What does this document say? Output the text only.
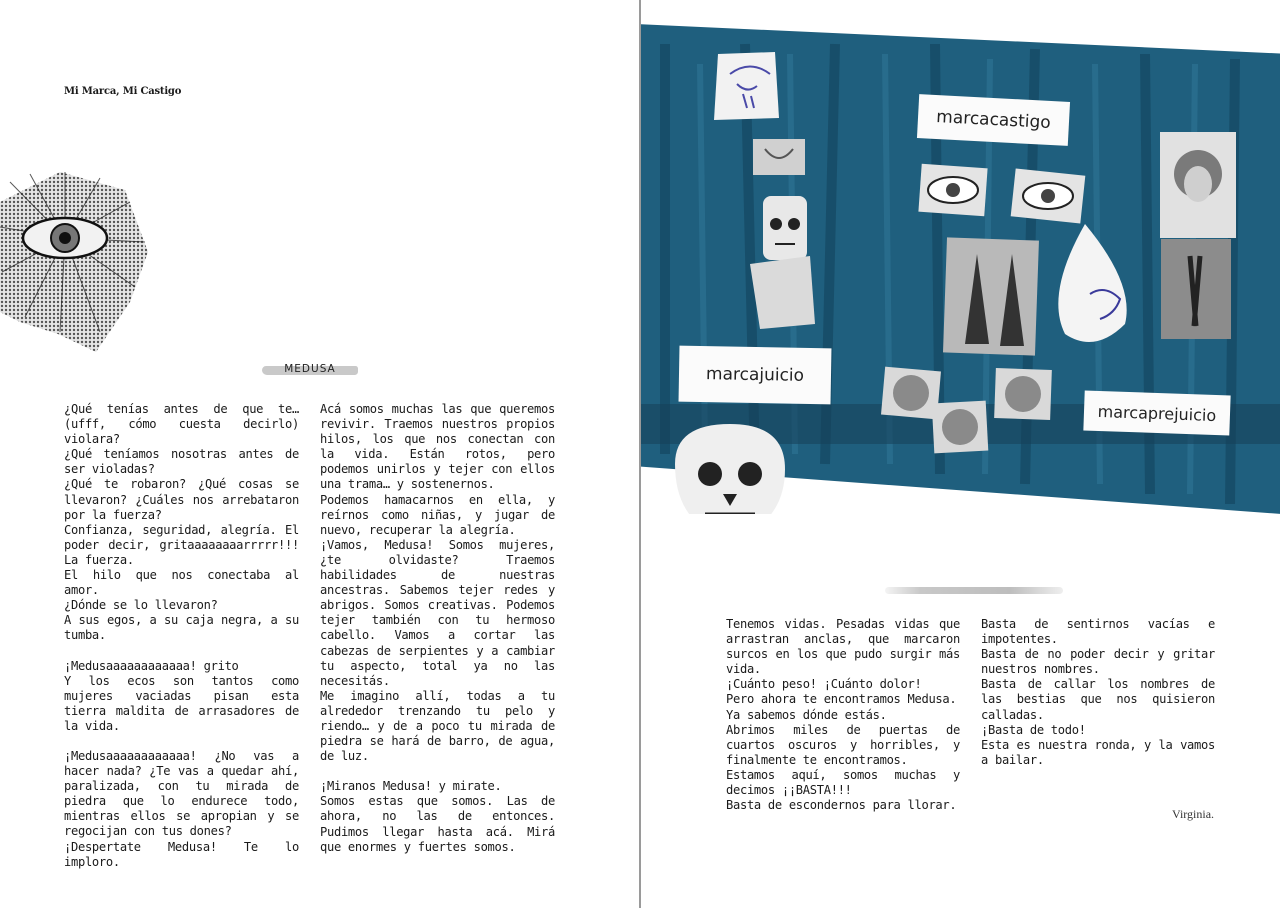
Mi Marca, Mi Castigo
MEDUSA

¿Qué tenías antes de que te… (ufff, cómo cuesta decirlo) violara?

¿Qué teníamos nosotras antes de ser violadas?

¿Qué te robaron? ¿Qué cosas se llevaron? ¿Cuáles nos arrebataron por la fuerza?

Confianza, seguridad, alegría. El poder decir, gritaaaaaaaarrrrr!!! La fuerza.

El hilo que nos conectaba al amor.

¿Dónde se lo llevaron?

A sus egos, a su caja negra, a su tumba.

¡Medusaaaaaaaaaaaa! grito

Y los ecos son tantos como mujeres vaciadas pisan esta tierra maldita de arrasadores de la vida.

¡Medusaaaaaaaaaaaa! ¿No vas a hacer nada? ¿Te vas a quedar ahí, paralizada, con tu mirada de piedra que lo endurece todo, mientras ellos se apropian y se regocijan con tus dones?

¡Despertate Medusa! Te lo imploro.

Acá somos muchas las que queremos revivir. Traemos nuestros propios hilos, los que nos conectan con la vida. Están rotos, pero podemos unirlos y tejer con ellos una trama… y sostenernos.

Podemos hamacarnos en ella, y reírnos como niñas, y jugar de nuevo, recuperar la alegría.

¡Vamos, Medusa! Somos mujeres, ¿te olvidaste? Traemos habilidades de nuestras ancestras. Sabemos tejer redes y abrigos. Somos creativas. Podemos tejer también con tu hermoso cabello. Vamos a cortar las cabezas de serpientes y a cambiar tu aspecto, total ya no las necesitás.

Me imagino allí, todas a tu alrededor trenzando tu pelo y riendo… y de a poco tu mirada de piedra se hará de barro, de agua, de luz.

¡Miranos Medusa! y mirate.

Somos estas que somos. Las de ahora, no las de entonces. Pudimos llegar hasta acá. Mirá que enormes y fuertes somos.

marcacastigo
marcajuicio
marcaprejuicio

Tenemos vidas. Pesadas vidas que arrastran anclas, que marcaron surcos en los que pudo surgir más vida.

¡Cuánto peso! ¡Cuánto dolor!

Pero ahora te encontramos Medusa.

Ya sabemos dónde estás.

Abrimos miles de puertas de cuartos oscuros y horribles, y finalmente te encontramos.

Estamos aquí, somos muchas y decimos ¡¡BASTA!!!

Basta de escondernos para llorar.

Basta de sentirnos vacías e impotentes.

Basta de no poder decir y gritar nuestros nombres.

Basta de callar los nombres de las bestias que nos quisieron calladas.

¡Basta de todo!

Esta es nuestra ronda, y la vamos a bailar.

Virginia.
